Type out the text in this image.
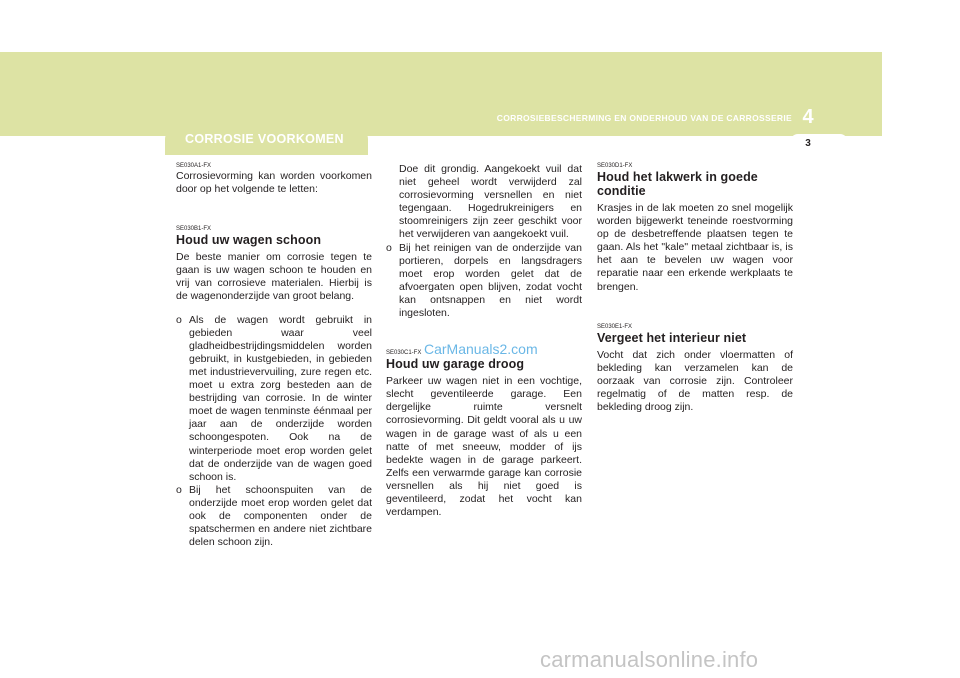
CORROSIEBESCHERMING EN ONDERHOUD VAN DE CARROSSERIE 4
3
CORROSIE VOORKOMEN

SE030A1-FX

Corrosievorming kan worden voorkomen door op het volgende te letten:

SE030B1-FX

Houd uw wagen schoon

De beste manier om corrosie tegen te gaan is uw wagen schoon te houden en vrij van corrosieve materialen. Hierbij is de wagenonderzijde van groot belang.

o Als de wagen wordt gebruikt in gebieden waar veel gladheidbestrijdingsmiddelen worden gebruikt, in kustgebieden, in gebieden met industrievervuiling, zure regen etc. moet u extra zorg besteden aan de bestrijding van corrosie. In de winter moet de wagen tenminste éénmaal per jaar aan de onderzijde worden schoongespoten. Ook na de winterperiode moet erop worden gelet dat de onderzijde van de wagen goed schoon is.
o Bij het schoonspuiten van de onderzijde moet erop worden gelet dat ook de componenten onder de spatschermen en andere niet zichtbare delen schoon zijn.

Doe dit grondig. Aangekoekt vuil dat niet geheel wordt verwijderd zal corrosievorming versnellen en niet tegengaan. Hogedrukreinigers en stoomreinigers zijn zeer geschikt voor het verwijderen van aangekoekt vuil.

o Bij het reinigen van de onderzijde van portieren, dorpels en langsdragers moet erop worden gelet dat de afvoergaten open blijven, zodat vocht kan ontsnappen en niet wordt ingesloten.

SE030C1-FX

Houd uw garage droog

Parkeer uw wagen niet in een vochtige, slecht geventileerde garage. Een dergelijke ruimte versnelt corrosievorming. Dit geldt vooral als u uw wagen in de garage wast of als u een natte of met sneeuw, modder of ijs bedekte wagen in de garage parkeert. Zelfs een verwarmde garage kan corrosie versnellen als hij niet goed is geventileerd, zodat het vocht kan verdampen.

SE030D1-FX

Houd het lakwerk in goede conditie

Krasjes in de lak moeten zo snel mogelijk worden bijgewerkt teneinde roestvorming op de desbetreffende plaatsen tegen te gaan. Als het "kale" metaal zichtbaar is, is het aan te bevelen uw wagen voor reparatie naar een erkende werkplaats te brengen.

SE030E1-FX

Vergeet het interieur niet

Vocht dat zich onder vloermatten of bekleding kan verzamelen kan de oorzaak van corrosie zijn. Controleer regelmatig of de matten resp. de bekleding droog zijn.

CarManuals2.com
carmanualsonline.info
